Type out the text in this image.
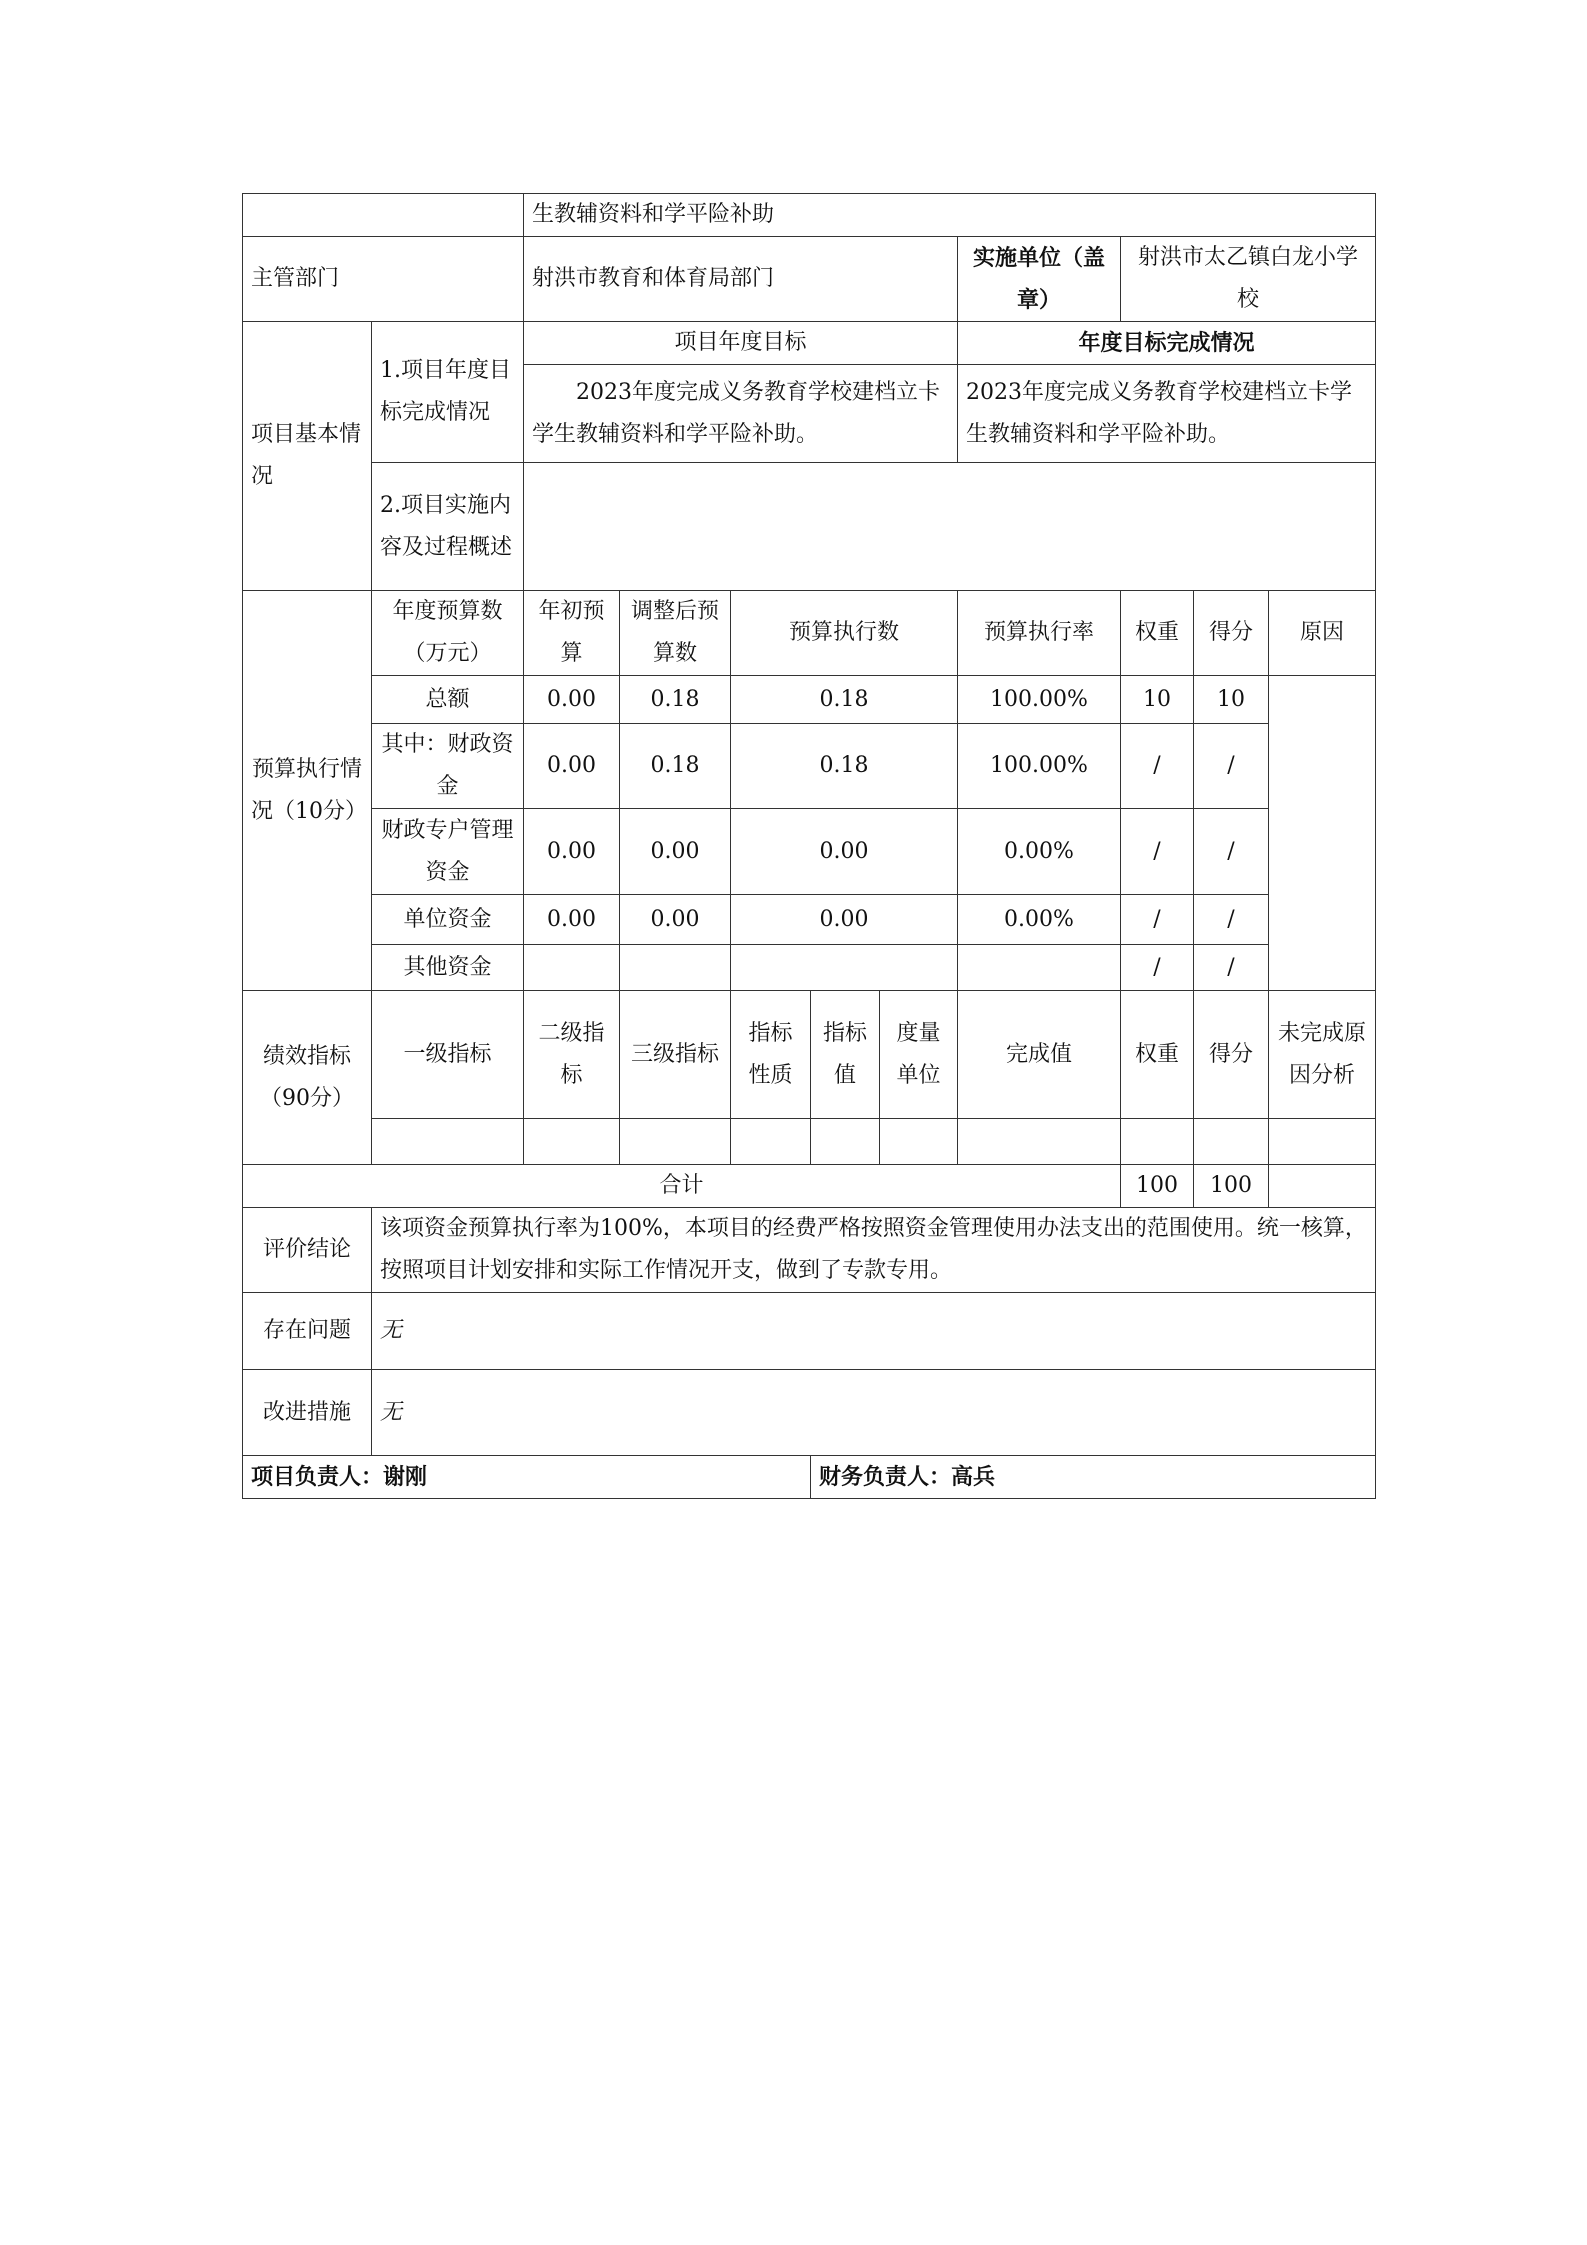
		生教辅资料和学平险补助								
主管部门		射洪市教育和体育局部门					实施单位（盖章）	射洪市太乙镇白龙小学校		
项目基本情况	1.项目年度目标完成情况	项目年度目标					年度目标完成情况			
		2023年度完成义务教育学校建档立卡学生教辅资料和学平险补助。					2023年度完成义务教育学校建档立卡学生教辅资料和学平险补助。			
	2.项目实施内容及过程概述									

预算执行情况（10分）	年度预算数（万元）	年初预算	调整后预算数	预算执行数			预算执行率	权重	得分	原因
	总额	0.00	0.18	0.18			100.00%	10	10	
	其中：财政资金	0.00	0.18	0.18			100.00%	/	/	
	财政专户管理资金	0.00	0.00	0.00			0.00%	/	/	
	单位资金	0.00	0.00	0.00			0.00%	/	/	
	其他资金							/	/	
绩效指标（90分）	一级指标	二级指标	三级指标	指标性质	指标值	度量单位	完成值	权重	得分	未完成原因分析

合计								100	100	
评价结论	该项资金预算执行率为100%，本项目的经费严格按照资金管理使用办法支出的范围使用。统一核算，按照项目计划安排和实际工作情况开支，做到了专款专用。									
存在问题	无									
改进措施	无									
项目负责人：谢刚					财务负责人：高兵					
